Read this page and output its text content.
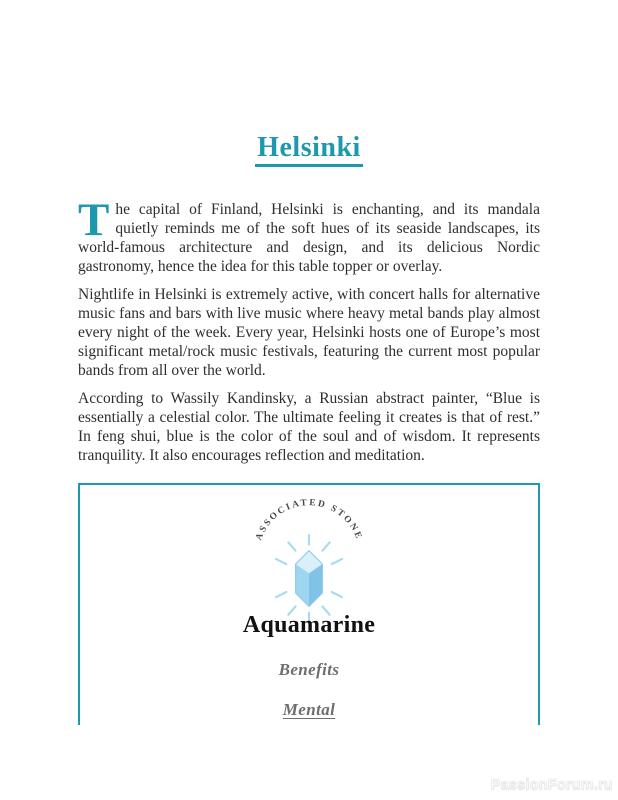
Helsinki

The capital of Finland, Helsinki is enchanting, and its mandala quietly reminds me of the soft hues of its seaside landscapes, its world-famous architecture and design, and its delicious Nordic gastronomy, hence the idea for this table topper or overlay.

Nightlife in Helsinki is extremely active, with concert halls for alternative music fans and bars with live music where heavy metal bands play almost every night of the week. Every year, Helsinki hosts one of Europe’s most significant metal/rock music festivals, featuring the current most popular bands from all over the world.

According to Wassily Kandinsky, a Russian abstract painter, “Blue is essentially a celestial color. The ultimate feeling it creates is that of rest.” In feng shui, blue is the color of the soul and of wisdom. It represents tranquility. It also encourages reflection and meditation.

ASSOCIATED STONE
Aquamarine
Benefits
Mental
PassionForum.ru
